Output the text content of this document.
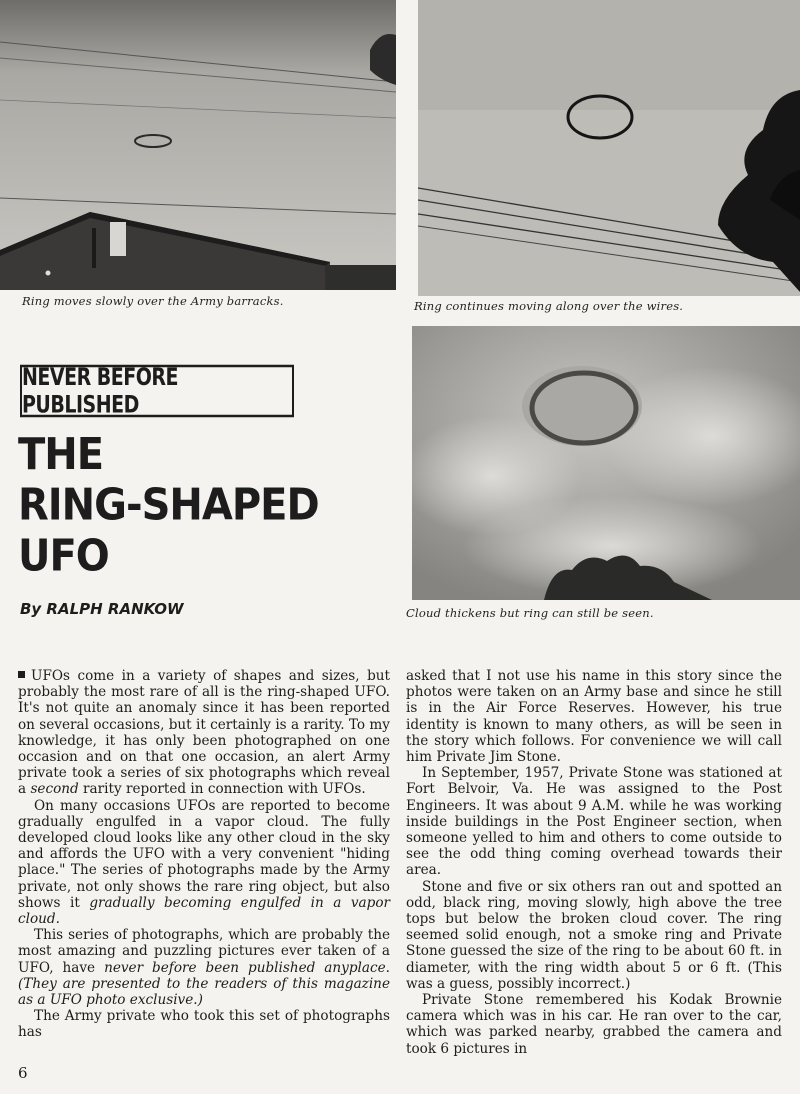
Ring moves slowly over the Army barracks.	Ring continues moving along over the wires.
Cloud thickens but ring can still be seen.
NEVER BEFORE PUBLISHED
THE
RING-SHAPED
UFO
By RALPH RANKOW

UFOs come in a variety of shapes and sizes, but probably the most rare of all is the ring-shaped UFO. It's not quite an anomaly since it has been reported on several occasions, but it certainly is a rarity. To my knowledge, it has only been photographed on one occasion and on that one occasion, an alert Army private took a series of six photographs which reveal a second rarity reported in connection with UFOs.

On many occasions UFOs are reported to become gradually engulfed in a vapor cloud. The fully developed cloud looks like any other cloud in the sky and affords the UFO with a very convenient "hiding place." The series of photographs made by the Army private, not only shows the rare ring object, but also shows it gradually becoming engulfed in a vapor cloud.

This series of photographs, which are probably the most amazing and puzzling pictures ever taken of a UFO, have never before been published anyplace. (They are presented to the readers of this magazine as a UFO photo exclusive.)

The Army private who took this set of photographs has

asked that I not use his name in this story since the photos were taken on an Army base and since he still is in the Air Force Reserves. However, his true identity is known to many others, as will be seen in the story which follows. For convenience we will call him Private Jim Stone.

In September, 1957, Private Stone was stationed at Fort Belvoir, Va. He was assigned to the Post Engineers. It was about 9 A.M. while he was working inside buildings in the Post Engineer section, when someone yelled to him and others to come outside to see the odd thing coming overhead towards their area.

Stone and five or six others ran out and spotted an odd, black ring, moving slowly, high above the tree tops but below the broken cloud cover. The ring seemed solid enough, not a smoke ring and Private Stone guessed the size of the ring to be about 60 ft. in diameter, with the ring width about 5 or 6 ft. (This was a guess, possibly incorrect.)

Private Stone remembered his Kodak Brownie camera which was in his car. He ran over to the car, which was parked nearby, grabbed the camera and took 6 pictures in

6
